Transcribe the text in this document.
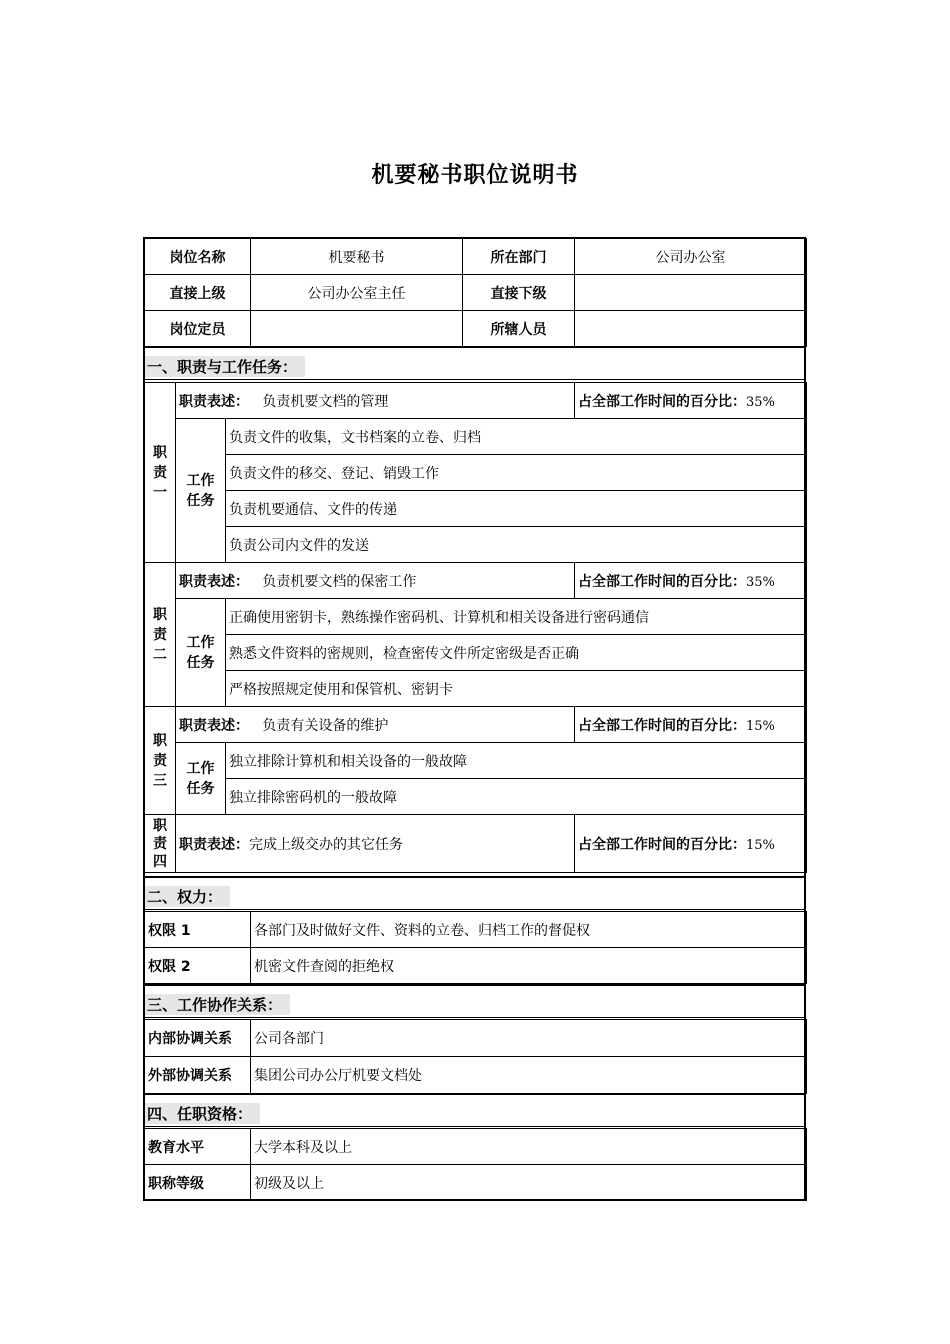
机要秘书职位说明书
岗位名称	机要秘书	所在部门	公司办公室
直接上级	公司办公室主任	直接下级	
岗位定员		所辖人员	
一、职责与工作任务：
职
责
一	职责表述： 负责机要文档的管理		占全部工作时间的百分比：35%
	工作
任务	负责文件的收集，文书档案的立卷、归档	
		负责文件的移交、登记、销毁工作	
		负责机要通信、文件的传递	
		负责公司内文件的发送	
职
责
二	职责表述： 负责机要文档的保密工作		占全部工作时间的百分比：35%
	工作
任务	正确使用密钥卡，熟练操作密码机、计算机和相关设备进行密码通信	
		熟悉文件资料的密规则，检查密传文件所定密级是否正确	
		严格按照规定使用和保管机、密钥卡	
职
责
三	职责表述： 负责有关设备的维护		占全部工作时间的百分比：15%
	工作
任务	独立排除计算机和相关设备的一般故障	
		独立排除密码机的一般故障	
职
责
四	职责表述：完成上级交办的其它任务		占全部工作时间的百分比：15%
二、权力：
权限 1	各部门及时做好文件、资料的立卷、归档工作的督促权
权限 2	机密文件查阅的拒绝权
三、工作协作关系：
内部协调关系	公司各部门
外部协调关系	集团公司办公厅机要文档处
四、任职资格：
教育水平	大学本科及以上
职称等级	初级及以上
